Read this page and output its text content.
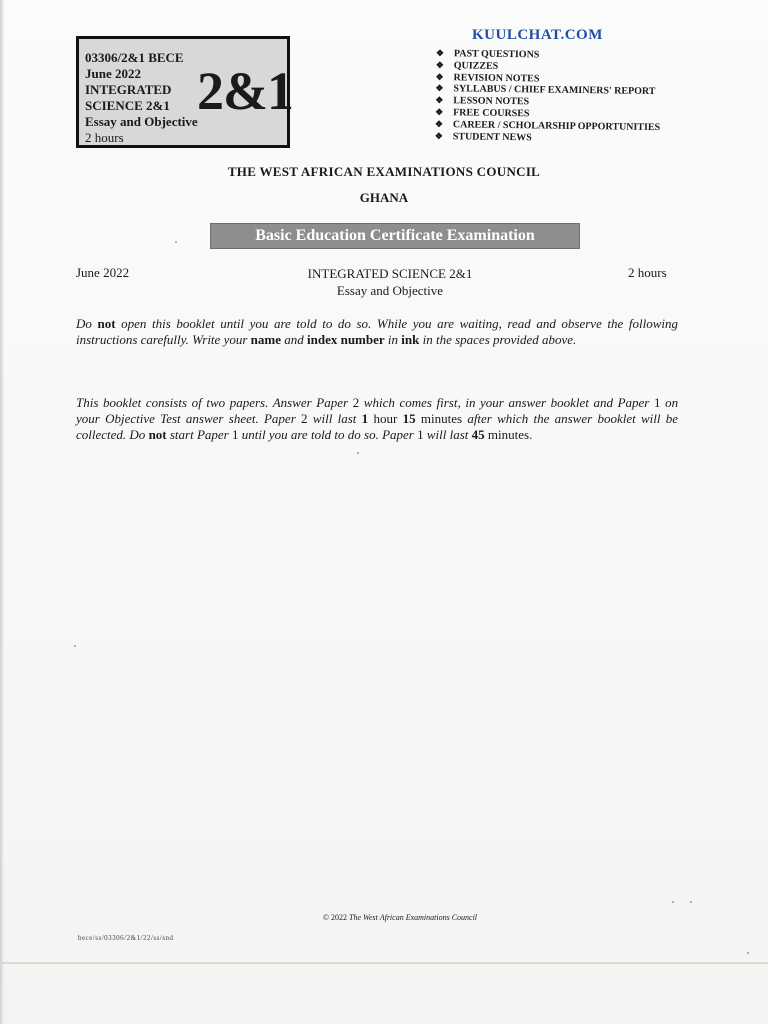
03306/2&1 BECE
June 2022
INTEGRATED
SCIENCE 2&1
Essay and Objective
2 hours
2&1
KUULCHAT.COM
❖ PAST QUESTIONS
❖ QUIZZES
❖ REVISION NOTES
❖ SYLLABUS / CHIEF EXAMINERS' REPORT
❖ LESSON NOTES
❖ FREE COURSES
❖ CAREER / SCHOLARSHIP OPPORTUNITIES
❖ STUDENT NEWS
THE WEST AFRICAN EXAMINATIONS COUNCIL
GHANA
Basic Education Certificate Examination
June 2022	INTEGRATED SCIENCE 2&1
Essay and Objective
2 hours

Do not open this booklet until you are told to do so. While you are waiting, read and observe the following instructions carefully. Write your name and index number in ink in the spaces provided above.

This booklet consists of two papers. Answer Paper 2 which comes first, in your answer booklet and Paper 1 on your Objective Test answer sheet. Paper 2 will last 1 hour 15 minutes after which the answer booklet will be collected. Do not start Paper 1 until you are told to do so. Paper 1 will last 45 minutes.

© 2022 The West African Examinations Council
bece/ss/03306/2&1/22/ss/snd
